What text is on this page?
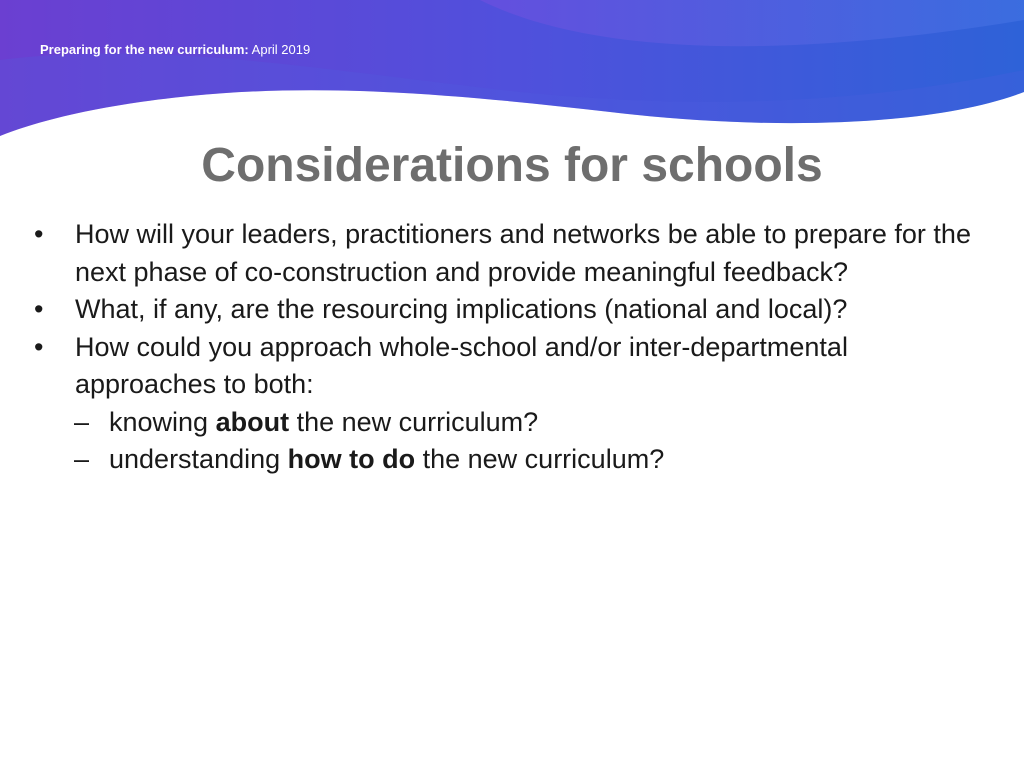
Preparing for the new curriculum: April 2019
Considerations for schools
• How will your leaders, practitioners and networks be able to prepare for the next phase of co-construction and provide meaningful feedback?
• What, if any, are the resourcing implications (national and local)?
• How could you approach whole-school and/or inter-departmental approaches to both:
– knowing about the new curriculum?
– understanding how to do the new curriculum?
